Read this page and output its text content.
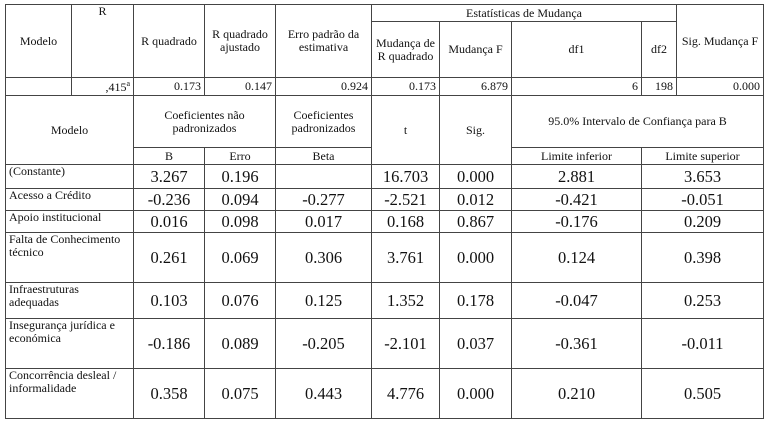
Modelo	R	R quadrado	R quadrado ajustado	Erro padrão da estimativa	Estatísticas de Mudança				Sig. Mudança F
					Mudança de R quadrado	Mudança F	df1	df2	
	,415$^a$	0.173	0.147	0.924	0.173	6.879	6	198	0.000
Modelo		Coeficientes não padronizados		Coeficientes padronizados	t	Sig.	95.0% Intervalo de Confiança para B		
		B	Erro	Beta			Limite inferior	Limite superior	
(Constante)		3.267	0.196		16.703	0.000	2.881	3.653	
Acesso a Crédito		-0.236	0.094	-0.277	-2.521	0.012	-0.421	-0.051	
Apoio institucional		0.016	0.098	0.017	0.168	0.867	-0.176	0.209	
Falta de Conhecimento técnico		0.261	0.069	0.306	3.761	0.000	0.124	0.398	
Infraestruturas adequadas		0.103	0.076	0.125	1.352	0.178	-0.047	0.253	
Insegurança jurídica e económica		-0.186	0.089	-0.205	-2.101	0.037	-0.361	-0.011	
Concorrência desleal / informalidade		0.358	0.075	0.443	4.776	0.000	0.210	0.505	
